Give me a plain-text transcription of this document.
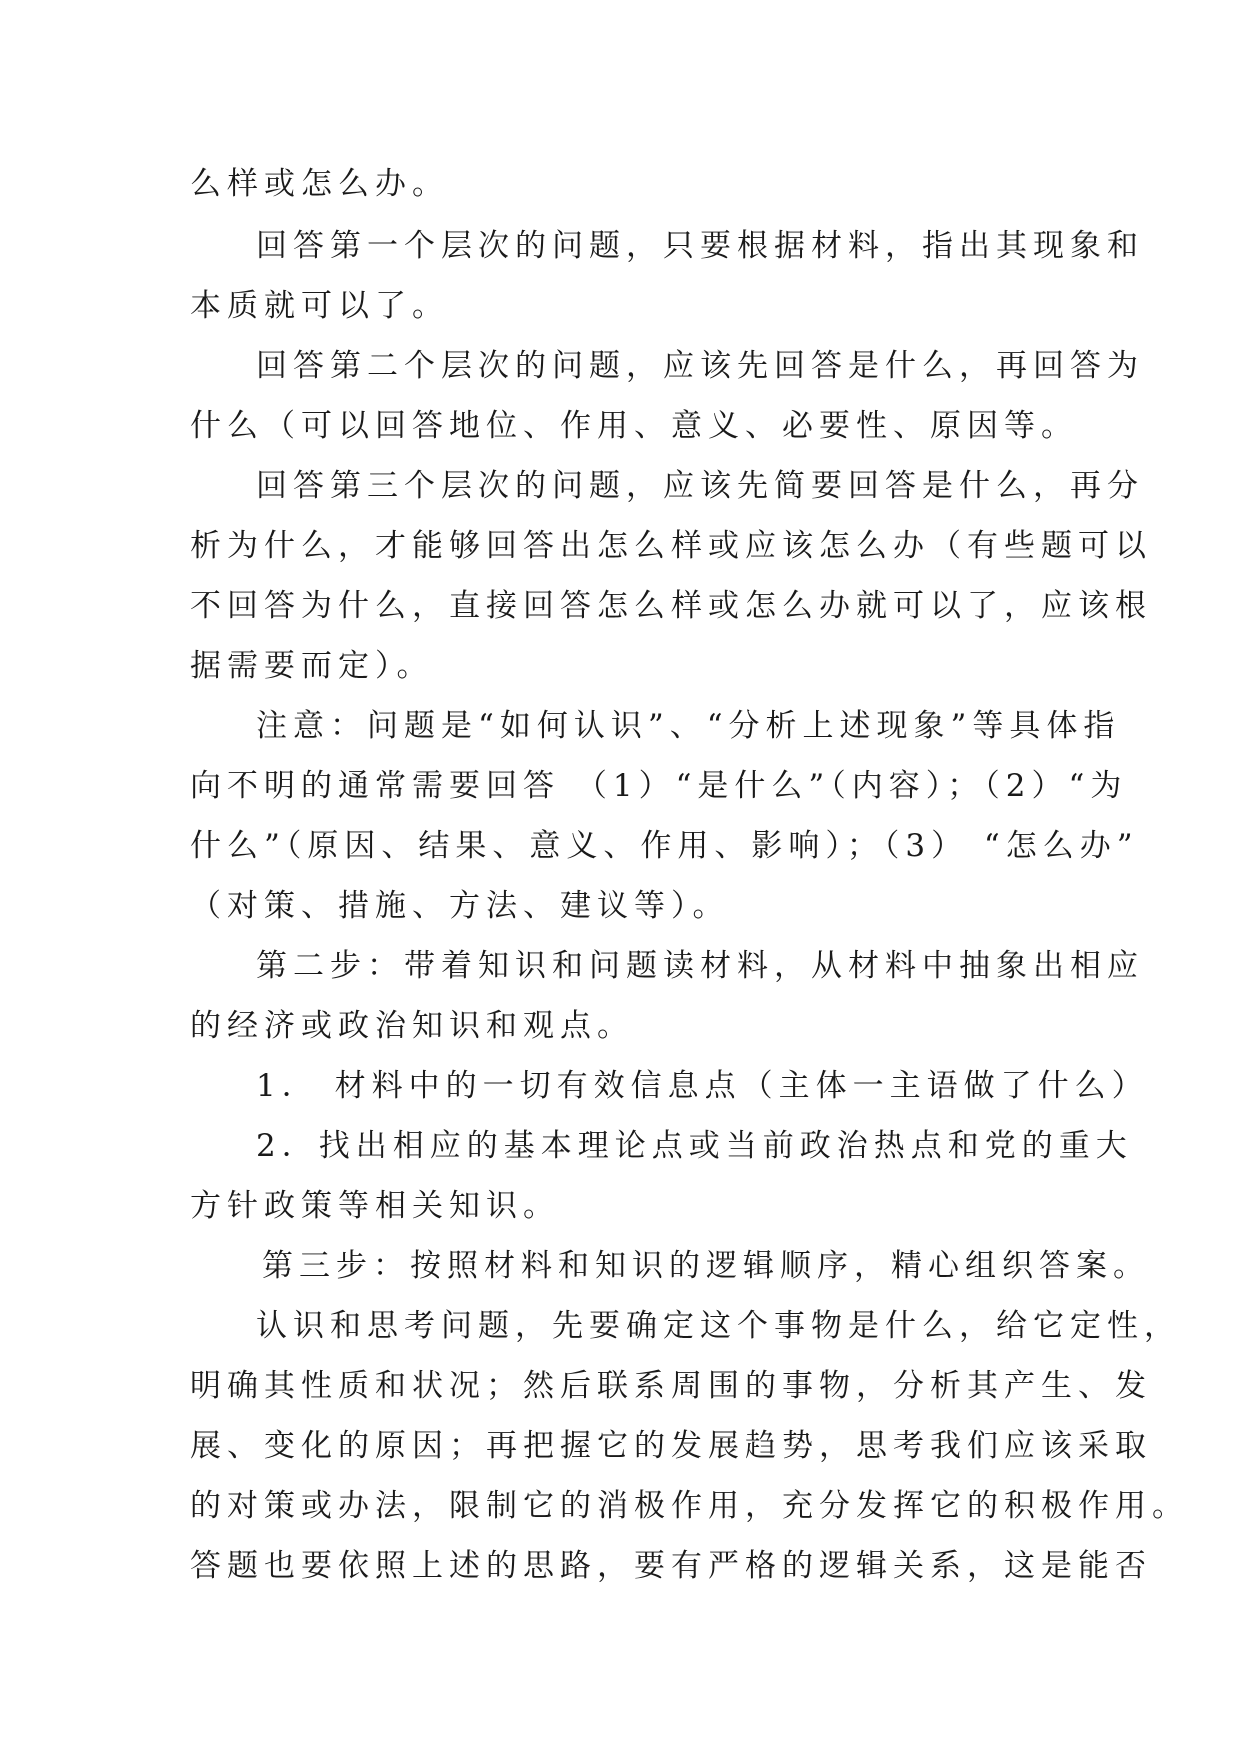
么样或怎么办。
回答第一个层次的问题，只要根据材料，指出其现象和
本质就可以了。
回答第二个层次的问题，应该先回答是什么，再回答为
什么（可以回答地位、作用、意义、必要性、原因等。
回答第三个层次的问题，应该先简要回答是什么，再分
析为什么，才能够回答出怎么样或应该怎么办（有些题可以
不回答为什么，直接回答怎么样或怎么办就可以了，应该根
据需要而定）。
注意：问题是“如何认识”、“分析上述现象”等具体指
向不明的通常需要回答 （1）“是什么”（内容）；（2）“为
什么”（原因、结果、意义、作用、影响）；（3） “怎么办”
（对策、措施、方法、建议等）。
第二步：带着知识和问题读材料，从材料中抽象出相应
的经济或政治知识和观点。
1． 材料中的一切有效信息点（主体一主语做了什么）
2．找出相应的基本理论点或当前政治热点和党的重大
方针政策等相关知识。
第三步：按照材料和知识的逻辑顺序，精心组织答案。
认识和思考问题，先要确定这个事物是什么，给它定性，
明确其性质和状况；然后联系周围的事物，分析其产生、发
展、变化的原因；再把握它的发展趋势，思考我们应该采取
的对策或办法，限制它的消极作用，充分发挥它的积极作用。
答题也要依照上述的思路，要有严格的逻辑关系，这是能否
